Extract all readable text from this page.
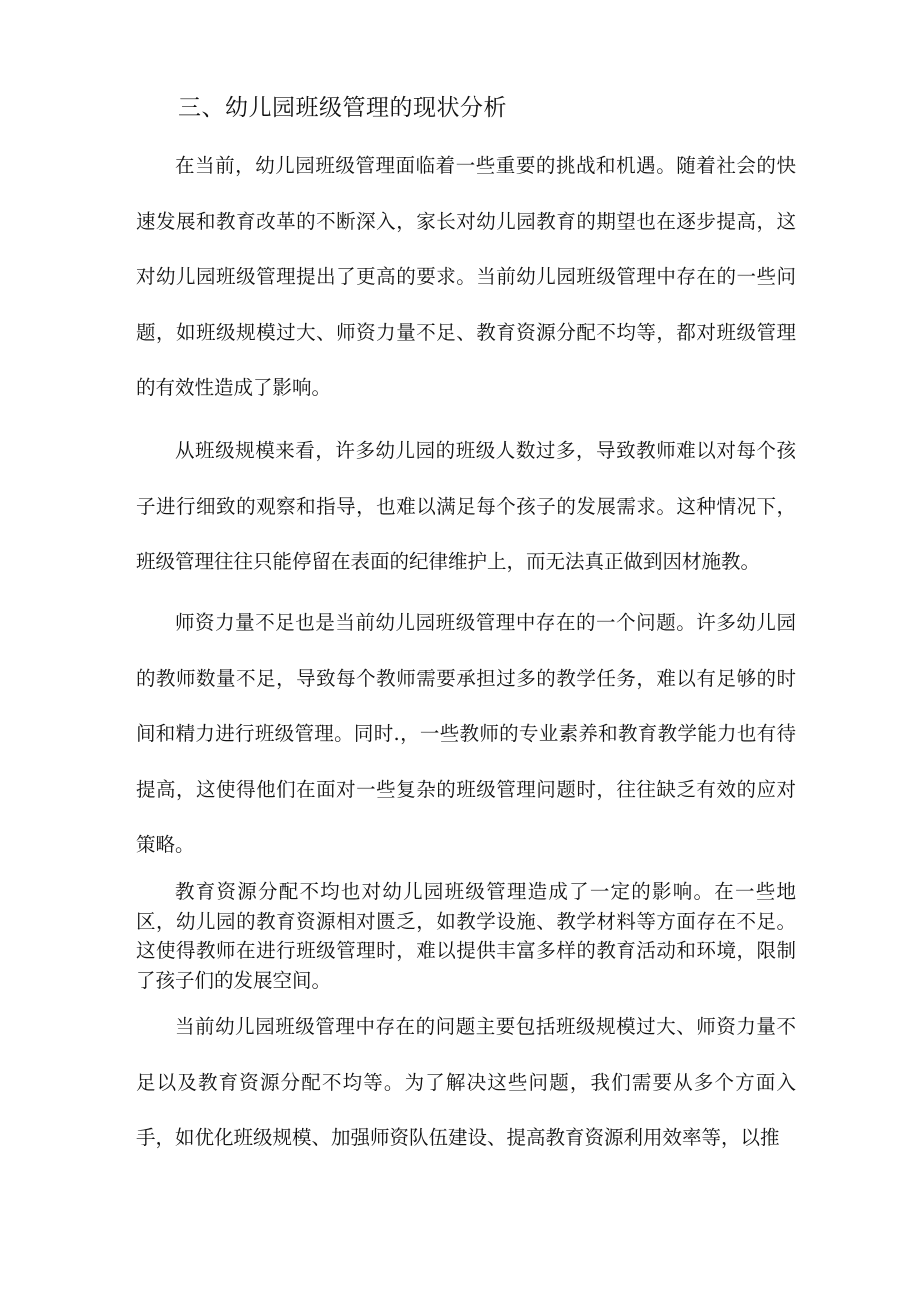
三、幼儿园班级管理的现状分析

在当前，幼儿园班级管理面临着一些重要的挑战和机遇。随着社会的快速发展和教育改革的不断深入，家长对幼儿园教育的期望也在逐步提高，这对幼儿园班级管理提出了更高的要求。当前幼儿园班级管理中存在的一些问题，如班级规模过大、师资力量不足、教育资源分配不均等，都对班级管理的有效性造成了影响。

从班级规模来看，许多幼儿园的班级人数过多，导致教师难以对每个孩子进行细致的观察和指导，也难以满足每个孩子的发展需求。这种情况下，班级管理往往只能停留在表面的纪律维护上，而无法真正做到因材施教。

师资力量不足也是当前幼儿园班级管理中存在的一个问题。许多幼儿园的教师数量不足，导致每个教师需要承担过多的教学任务，难以有足够的时间和精力进行班级管理。同时.，一些教师的专业素养和教育教学能力也有待提高，这使得他们在面对一些复杂的班级管理问题时，往往缺乏有效的应对策略。

教育资源分配不均也对幼儿园班级管理造成了一定的影响。在一些地区，幼儿园的教育资源相对匮乏，如教学设施、教学材料等方面存在不足。这使得教师在进行班级管理时，难以提供丰富多样的教育活动和环境，限制了孩子们的发展空间。

当前幼儿园班级管理中存在的问题主要包括班级规模过大、师资力量不足以及教育资源分配不均等。为了解决这些问题，我们需要从多个方面入手，如优化班级规模、加强师资队伍建设、提高教育资源利用效率等，以推
